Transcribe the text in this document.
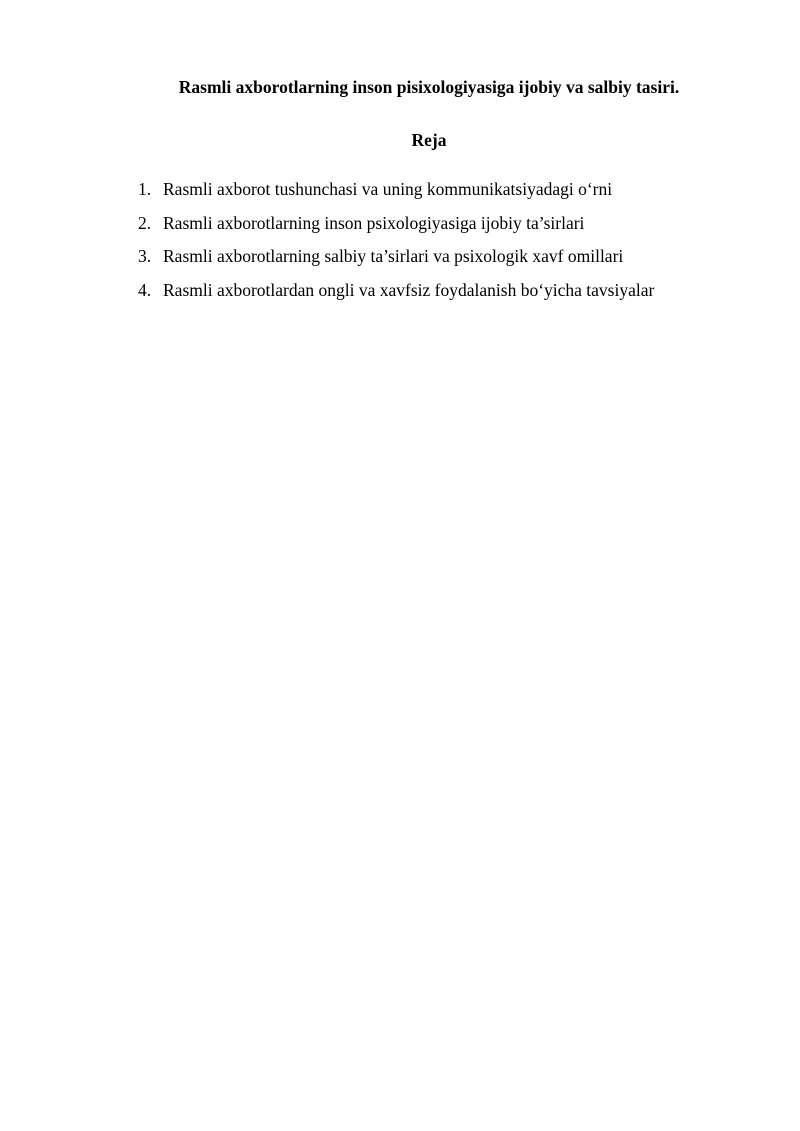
Rasmli axborotlarning inson pisixologiyasiga ijobiy va salbiy tasiri.
Reja
1. Rasmli axborot tushunchasi va uning kommunikatsiyadagi o‘rni
2. Rasmli axborotlarning inson psixologiyasiga ijobiy ta’sirlari
3. Rasmli axborotlarning salbiy ta’sirlari va psixologik xavf omillari
4. Rasmli axborotlardan ongli va xavfsiz foydalanish bo‘yicha tavsiyalar
